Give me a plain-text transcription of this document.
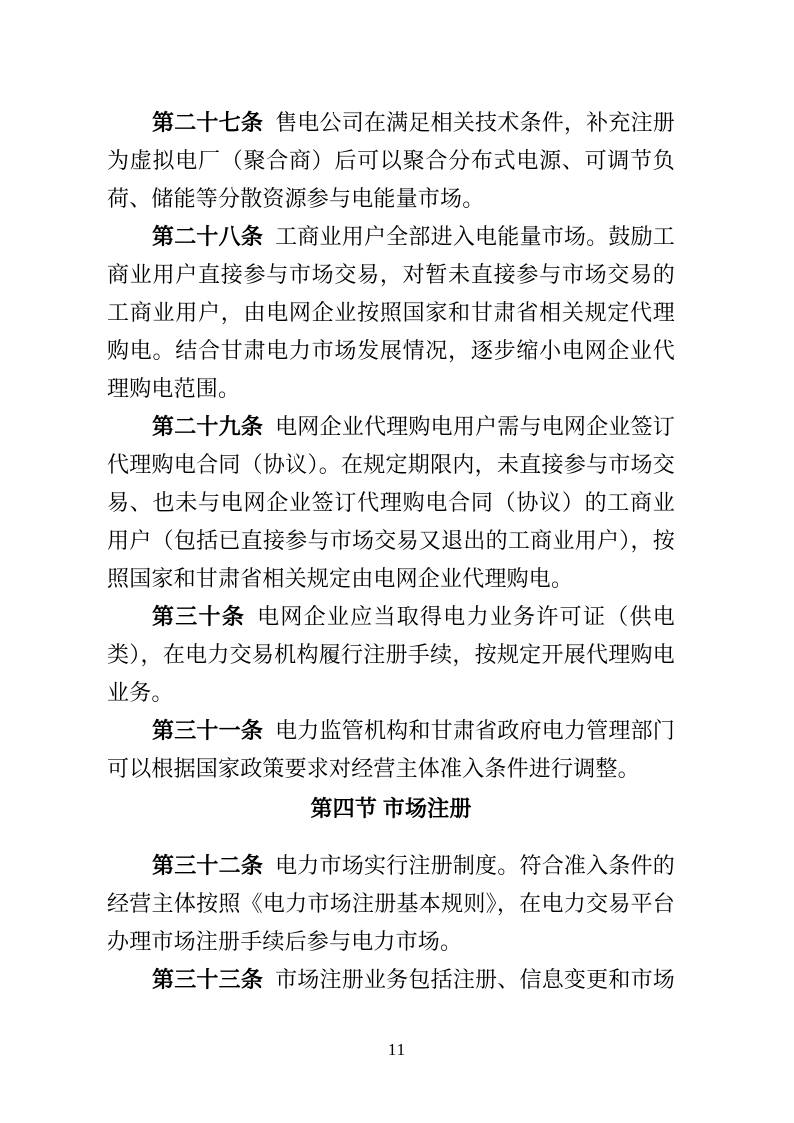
第二十七条 售电公司在满足相关技术条件，补充注册为虚拟电厂（聚合商）后可以聚合分布式电源、可调节负荷、储能等分散资源参与电能量市场。

第二十八条 工商业用户全部进入电能量市场。鼓励工商业用户直接参与市场交易，对暂未直接参与市场交易的工商业用户，由电网企业按照国家和甘肃省相关规定代理购电。结合甘肃电力市场发展情况，逐步缩小电网企业代理购电范围。

第二十九条 电网企业代理购电用户需与电网企业签订代理购电合同（协议）。在规定期限内，未直接参与市场交易、也未与电网企业签订代理购电合同（协议）的工商业用户（包括已直接参与市场交易又退出的工商业用户），按照国家和甘肃省相关规定由电网企业代理购电。

第三十条 电网企业应当取得电力业务许可证（供电类），在电力交易机构履行注册手续，按规定开展代理购电业务。

第三十一条 电力监管机构和甘肃省政府电力管理部门可以根据国家政策要求对经营主体准入条件进行调整。

第四节 市场注册

第三十二条 电力市场实行注册制度。符合准入条件的经营主体按照《电力市场注册基本规则》，在电力交易平台办理市场注册手续后参与电力市场。

第三十三条 市场注册业务包括注册、信息变更和市场

11
